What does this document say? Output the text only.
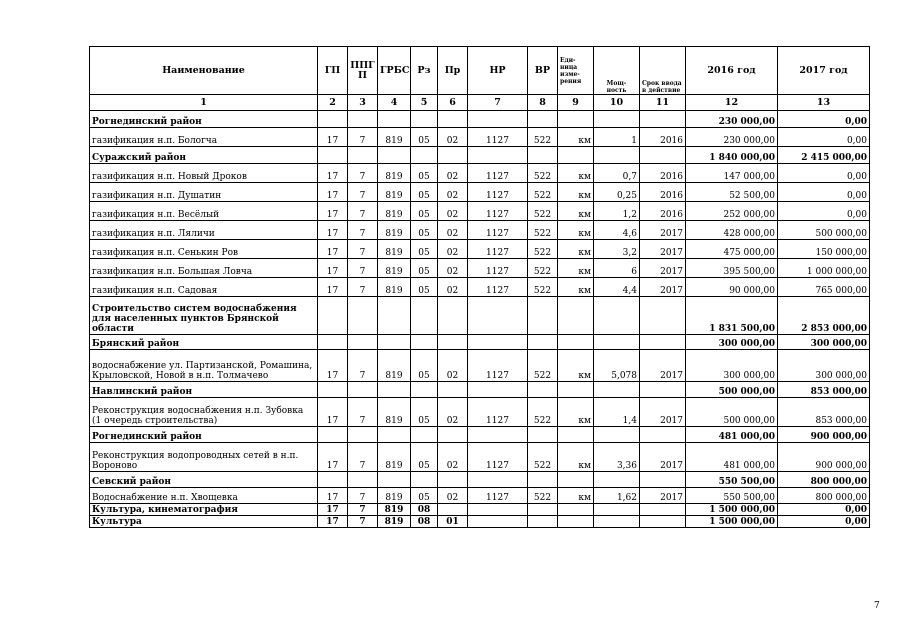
Наименование	ГП	ППГП	ГРБС	Рз	Пр	НР	ВР	Еди- ница изме- рения	Мощ- ность	Срок ввода в действие	2016 год	2017 год
1	2	3	4	5	6	7	8	9	10	11	12	13
Рогнединский район											230 000,00	0,00
газификация н.п. Бологча	17	7	819	05	02	1127	522	км	1	2016	230 000,00	0,00
Суражский район											1 840 000,00	2 415 000,00
газификация н.п. Новый Дроков	17	7	819	05	02	1127	522	км	0,7	2016	147 000,00	0,00
газификация н.п. Душатин	17	7	819	05	02	1127	522	км	0,25	2016	52 500,00	0,00
газификация н.п. Весёлый	17	7	819	05	02	1127	522	км	1,2	2016	252 000,00	0,00
газификация н.п. Ляличи	17	7	819	05	02	1127	522	км	4,6	2017	428 000,00	500 000,00
газификация н.п. Сенькин Ров	17	7	819	05	02	1127	522	км	3,2	2017	475 000,00	150 000,00
газификация н.п. Большая Ловча	17	7	819	05	02	1127	522	км	6	2017	395 500,00	1 000 000,00
газификация н.п. Садовая	17	7	819	05	02	1127	522	км	4,4	2017	90 000,00	765 000,00
Строительство систем водоснабжения для населенных пунктов Брянской области											1 831 500,00	2 853 000,00
Брянский район											300 000,00	300 000,00
водоснабжение ул. Партизанской, Ромашина, Крыловской, Новой в н.п. Толмачево	17	7	819	05	02	1127	522	км	5,078	2017	300 000,00	300 000,00
Навлинский район											500 000,00	853 000,00
Реконструкция водоснабжения н.п. Зубовка (1 очередь строительства)	17	7	819	05	02	1127	522	км	1,4	2017	500 000,00	853 000,00
Рогнединский район											481 000,00	900 000,00
Реконструкция водопроводных сетей в н.п. Вороново	17	7	819	05	02	1127	522	км	3,36	2017	481 000,00	900 000,00
Севский район											550 500,00	800 000,00
Водоснабжение н.п. Хвощевка	17	7	819	05	02	1127	522	км	1,62	2017	550 500,00	800 000,00
Культура, кинематография	17	7	819	08							1 500 000,00	0,00
Культура	17	7	819	08	01						1 500 000,00	0,00
7
